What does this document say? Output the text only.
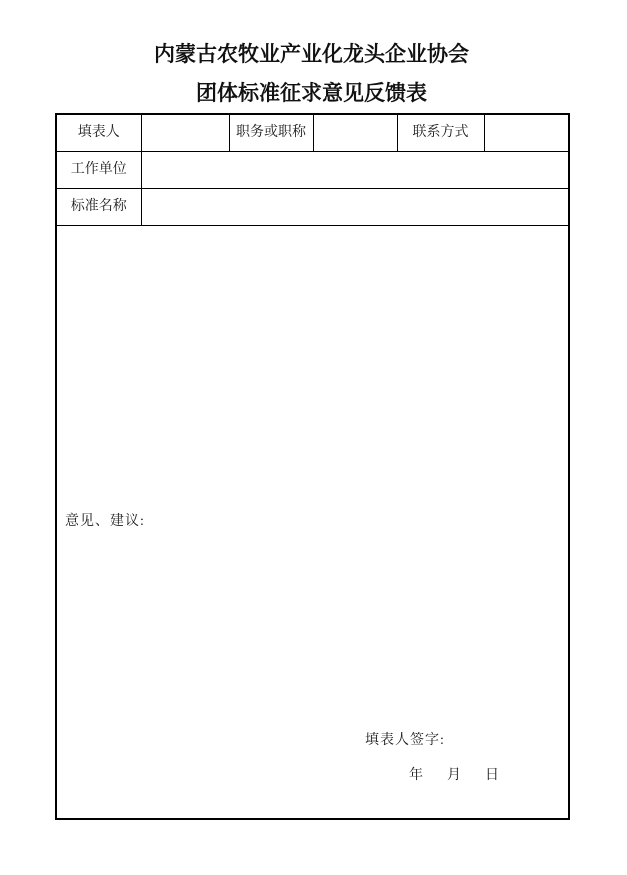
内蒙古农牧业产业化龙头企业协会
团体标准征求意见反馈表
填表人		职务或职称		联系方式	
工作单位					
标准名称					

意见、建议:
填表人签字:
年 月 日					
